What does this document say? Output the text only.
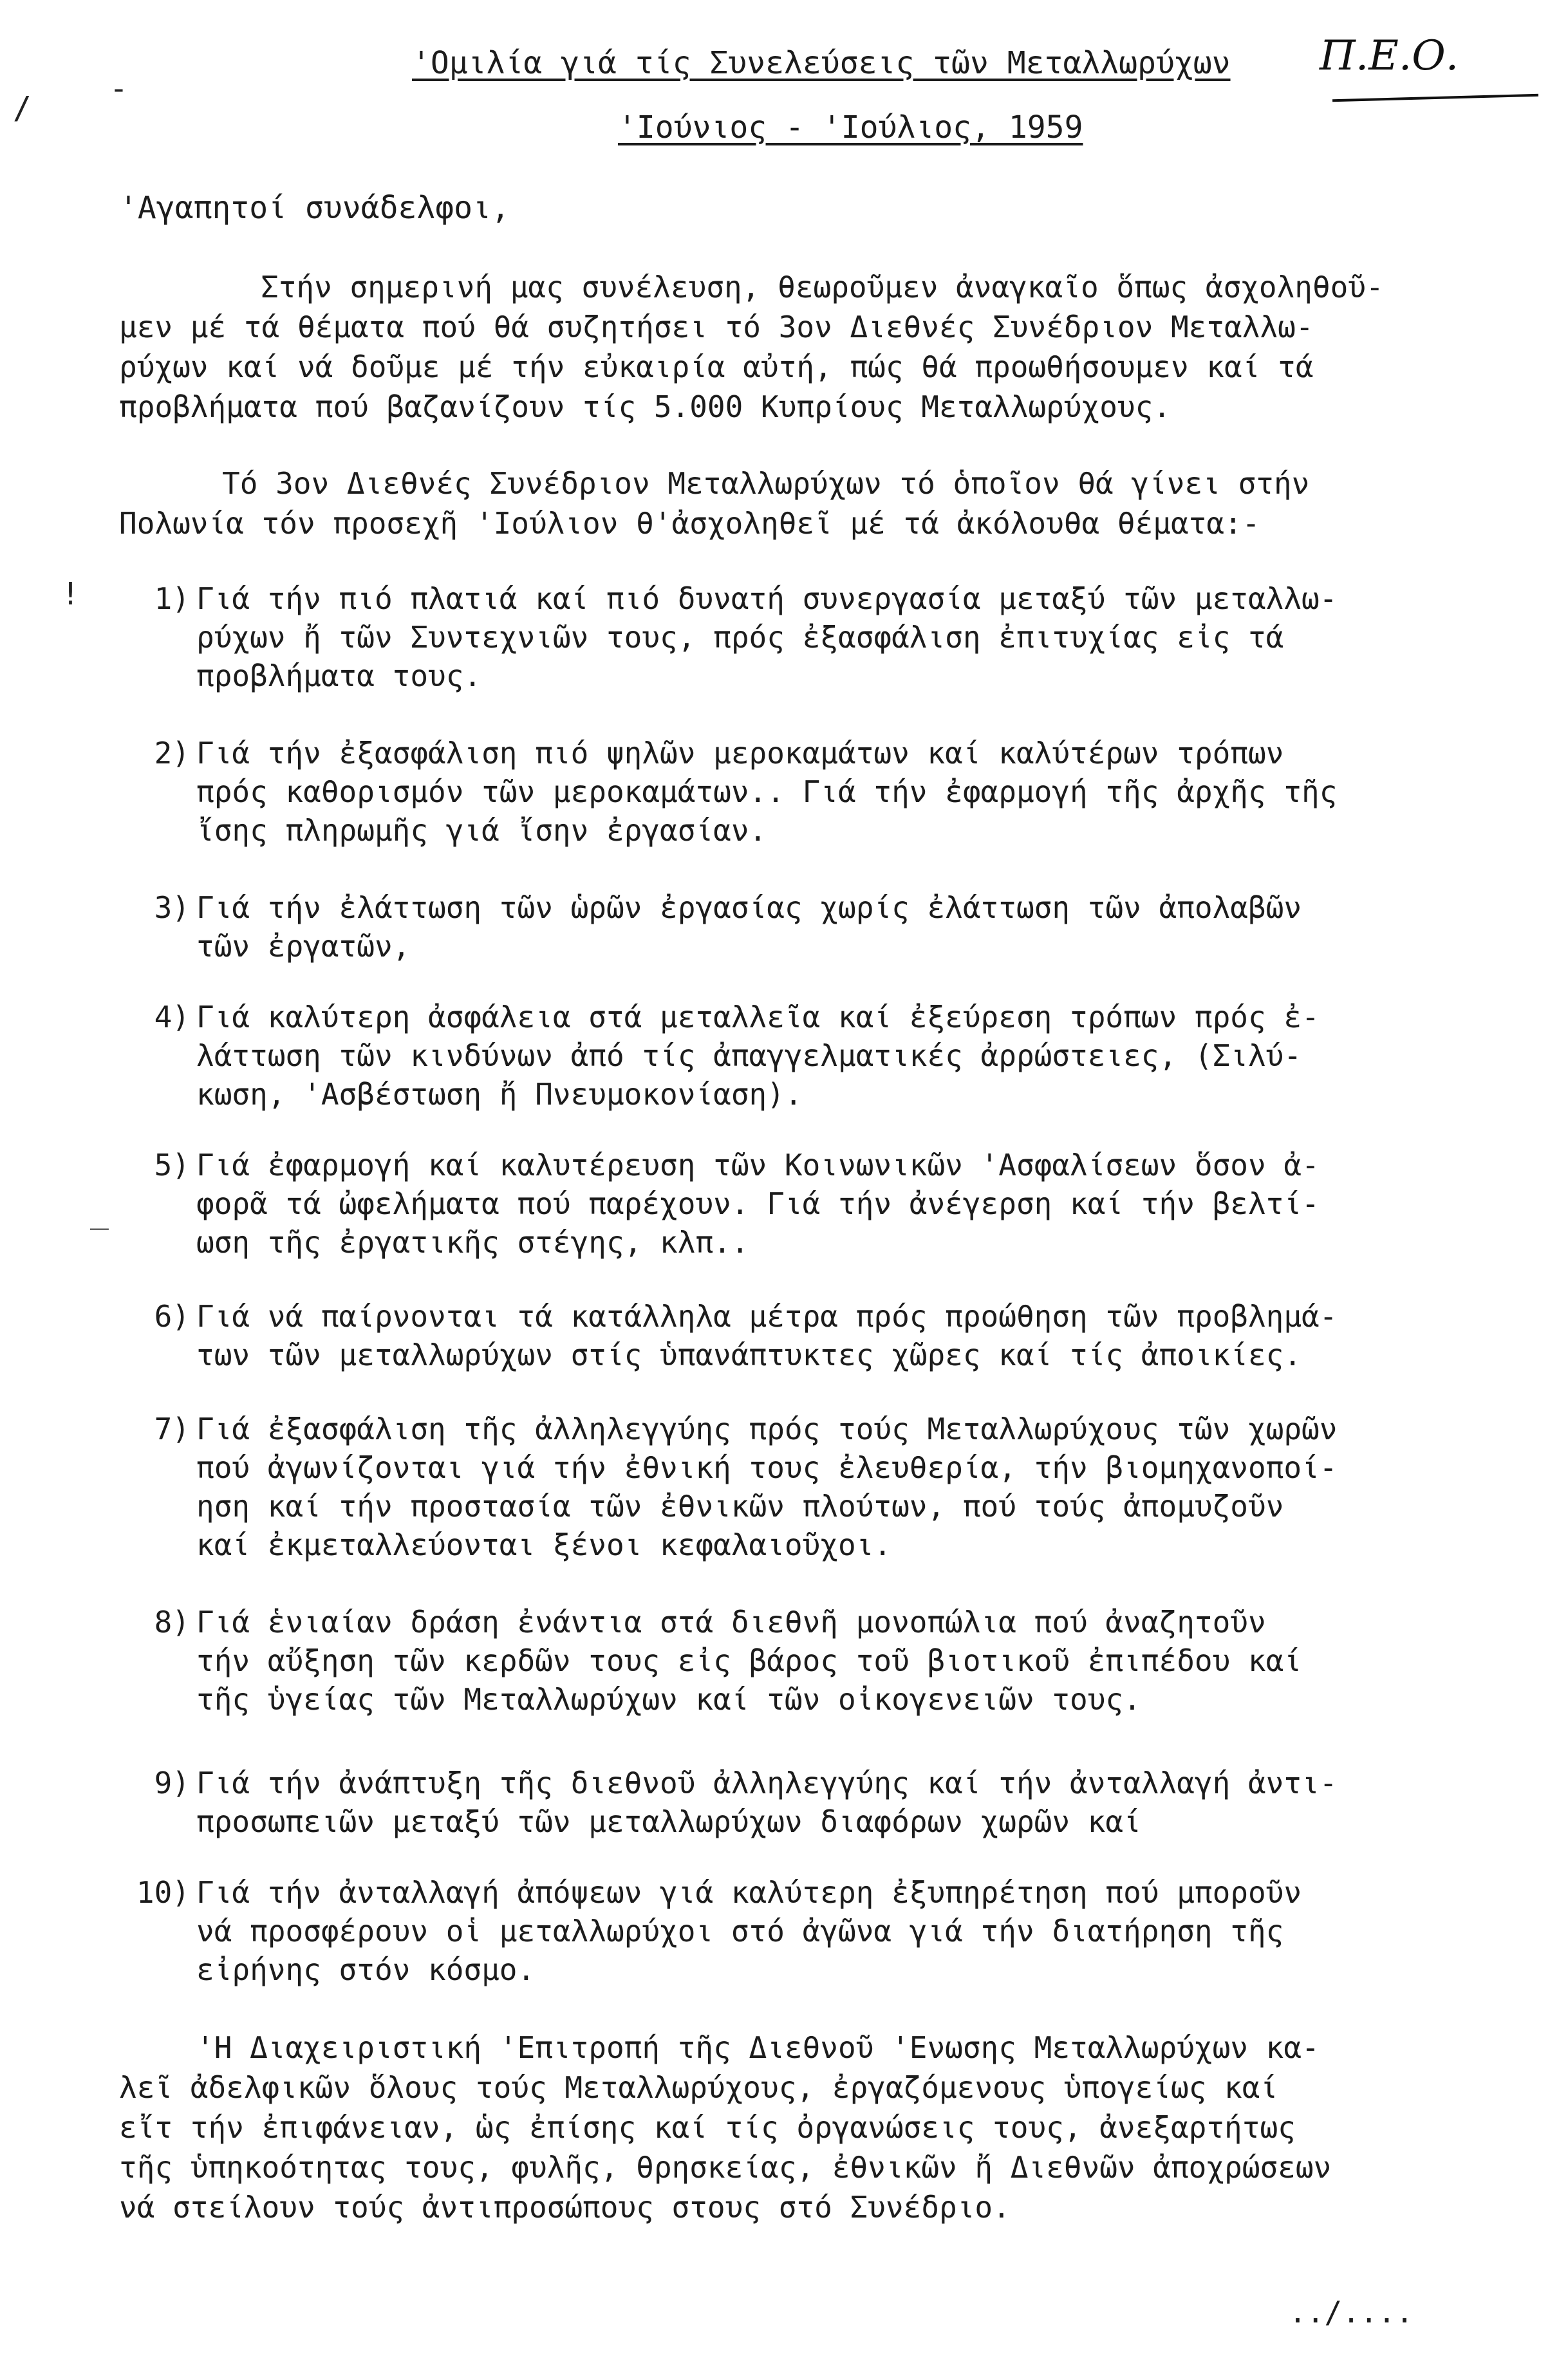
'Ομιλία γιά τίς Συνελεύσεις τῶν Μεταλλωρύχων
'Ιούνιος - 'Ιούλιος, 1959
Π.Ε.Ο.
/
-
!
_
'Αγαπητοί συνάδελφοι,
Στήν σημερινή μας συνέλευση, θεωροῦμεν ἀναγκαῖο ὅπως ἀσχοληθοῦ-
μεν μέ τά θέματα πού θά συζητήσει τό 3ον Διεθνές Συνέδριον Μεταλλω-
ρύχων καί νά δοῦμε μέ τήν εὐκαιρία αὐτή, πώς θά προωθήσουμεν καί τά
προβλήματα πού βαζανίζουν τίς 5.000 Κυπρίους Μεταλλωρύχους.
Τό 3ον Διεθνές Συνέδριον Μεταλλωρύχων τό ὁποῖον θά γίνει στήν
Πολωνία τόν προσεχῆ 'Ιούλιον θ'ἀσχοληθεῖ μέ τά ἀκόλουθα θέματα:-
1) Γιά τήν πιό πλατιά καί πιό δυνατή συνεργασία μεταξύ τῶν μεταλλω-
ρύχων ἤ τῶν Συντεχνιῶν τους, πρός ἐξασφάλιση ἐπιτυχίας εἰς τά
προβλήματα τους.
2) Γιά τήν ἐξασφάλιση πιό ψηλῶν μεροκαμάτων καί καλύτέρων τρόπων
πρός καθορισμόν τῶν μεροκαμάτων.. Γιά τήν ἐφαρμογή τῆς ἀρχῆς τῆς
ἴσης πληρωμῆς γιά ἴσην ἐργασίαν.
3) Γιά τήν ἐλάττωση τῶν ὡρῶν ἐργασίας χωρίς ἐλάττωση τῶν ἀπολαβῶν
τῶν ἐργατῶν,
4) Γιά καλύτερη ἀσφάλεια στά μεταλλεῖα καί ἐξεύρεση τρόπων πρός ἐ-
λάττωση τῶν κινδύνων ἀπό τίς ἀπαγγελματικές ἀρρώστειες, (Σιλύ-
κωση, 'Ασβέστωση ἤ Πνευμοκονίαση).
5) Γιά ἐφαρμογή καί καλυτέρευση τῶν Κοινωνικῶν 'Ασφαλίσεων ὅσον ἀ-
φορᾶ τά ὠφελήματα πού παρέχουν. Γιά τήν ἀνέγερση καί τήν βελτί-
ωση τῆς ἐργατικῆς στέγης, κλπ..
6) Γιά νά παίρνονται τά κατάλληλα μέτρα πρός προώθηση τῶν προβλημά-
των τῶν μεταλλωρύχων στίς ὑπανάπτυκτες χῶρες καί τίς ἀποικίες.
7) Γιά ἐξασφάλιση τῆς ἀλληλεγγύης πρός τούς Μεταλλωρύχους τῶν χωρῶν
πού ἀγωνίζονται γιά τήν ἐθνική τους ἐλευθερία, τήν βιομηχανοποί-
ηση καί τήν προστασία τῶν ἐθνικῶν πλούτων, πού τούς ἀπομυζοῦν
καί ἐκμεταλλεύονται ξένοι κεφαλαιοῦχοι.
8) Γιά ἑνιαίαν δράση ἐνάντια στά διεθνῆ μονοπώλια πού ἀναζητοῦν
τήν αὔξηση τῶν κερδῶν τους εἰς βάρος τοῦ βιοτικοῦ ἐπιπέδου καί
τῆς ὑγείας τῶν Μεταλλωρύχων καί τῶν οἰκογενειῶν τους.
9) Γιά τήν ἀνάπτυξη τῆς διεθνοῦ ἀλληλεγγύης καί τήν ἀνταλλαγή ἀντι-
προσωπειῶν μεταξύ τῶν μεταλλωρύχων διαφόρων χωρῶν καί
10) Γιά τήν ἀνταλλαγή ἀπόψεων γιά καλύτερη ἐξυπηρέτηση πού μποροῦν
νά προσφέρουν οἱ μεταλλωρύχοι στό ἀγῶνα γιά τήν διατήρηση τῆς
εἰρήνης στόν κόσμο.
'Η Διαχειριστική 'Επιτροπή τῆς Διεθνοῦ 'Ενωσης Μεταλλωρύχων κα-
λεῖ ἀδελφικῶν ὅλους τούς Μεταλλωρύχους, ἐργαζόμενους ὑπογείως καί
εἴτ τήν ἐπιφάνειαν, ὡς ἐπίσης καί τίς ὀργανώσεις τους, ἀνεξαρτήτως
τῆς ὑπηκοότητας τους, φυλῆς, θρησκείας, ἐθνικῶν ἤ Διεθνῶν ἀποχρώσεων
νά στείλουν τούς ἀντιπροσώπους στους στό Συνέδριο.
../....
